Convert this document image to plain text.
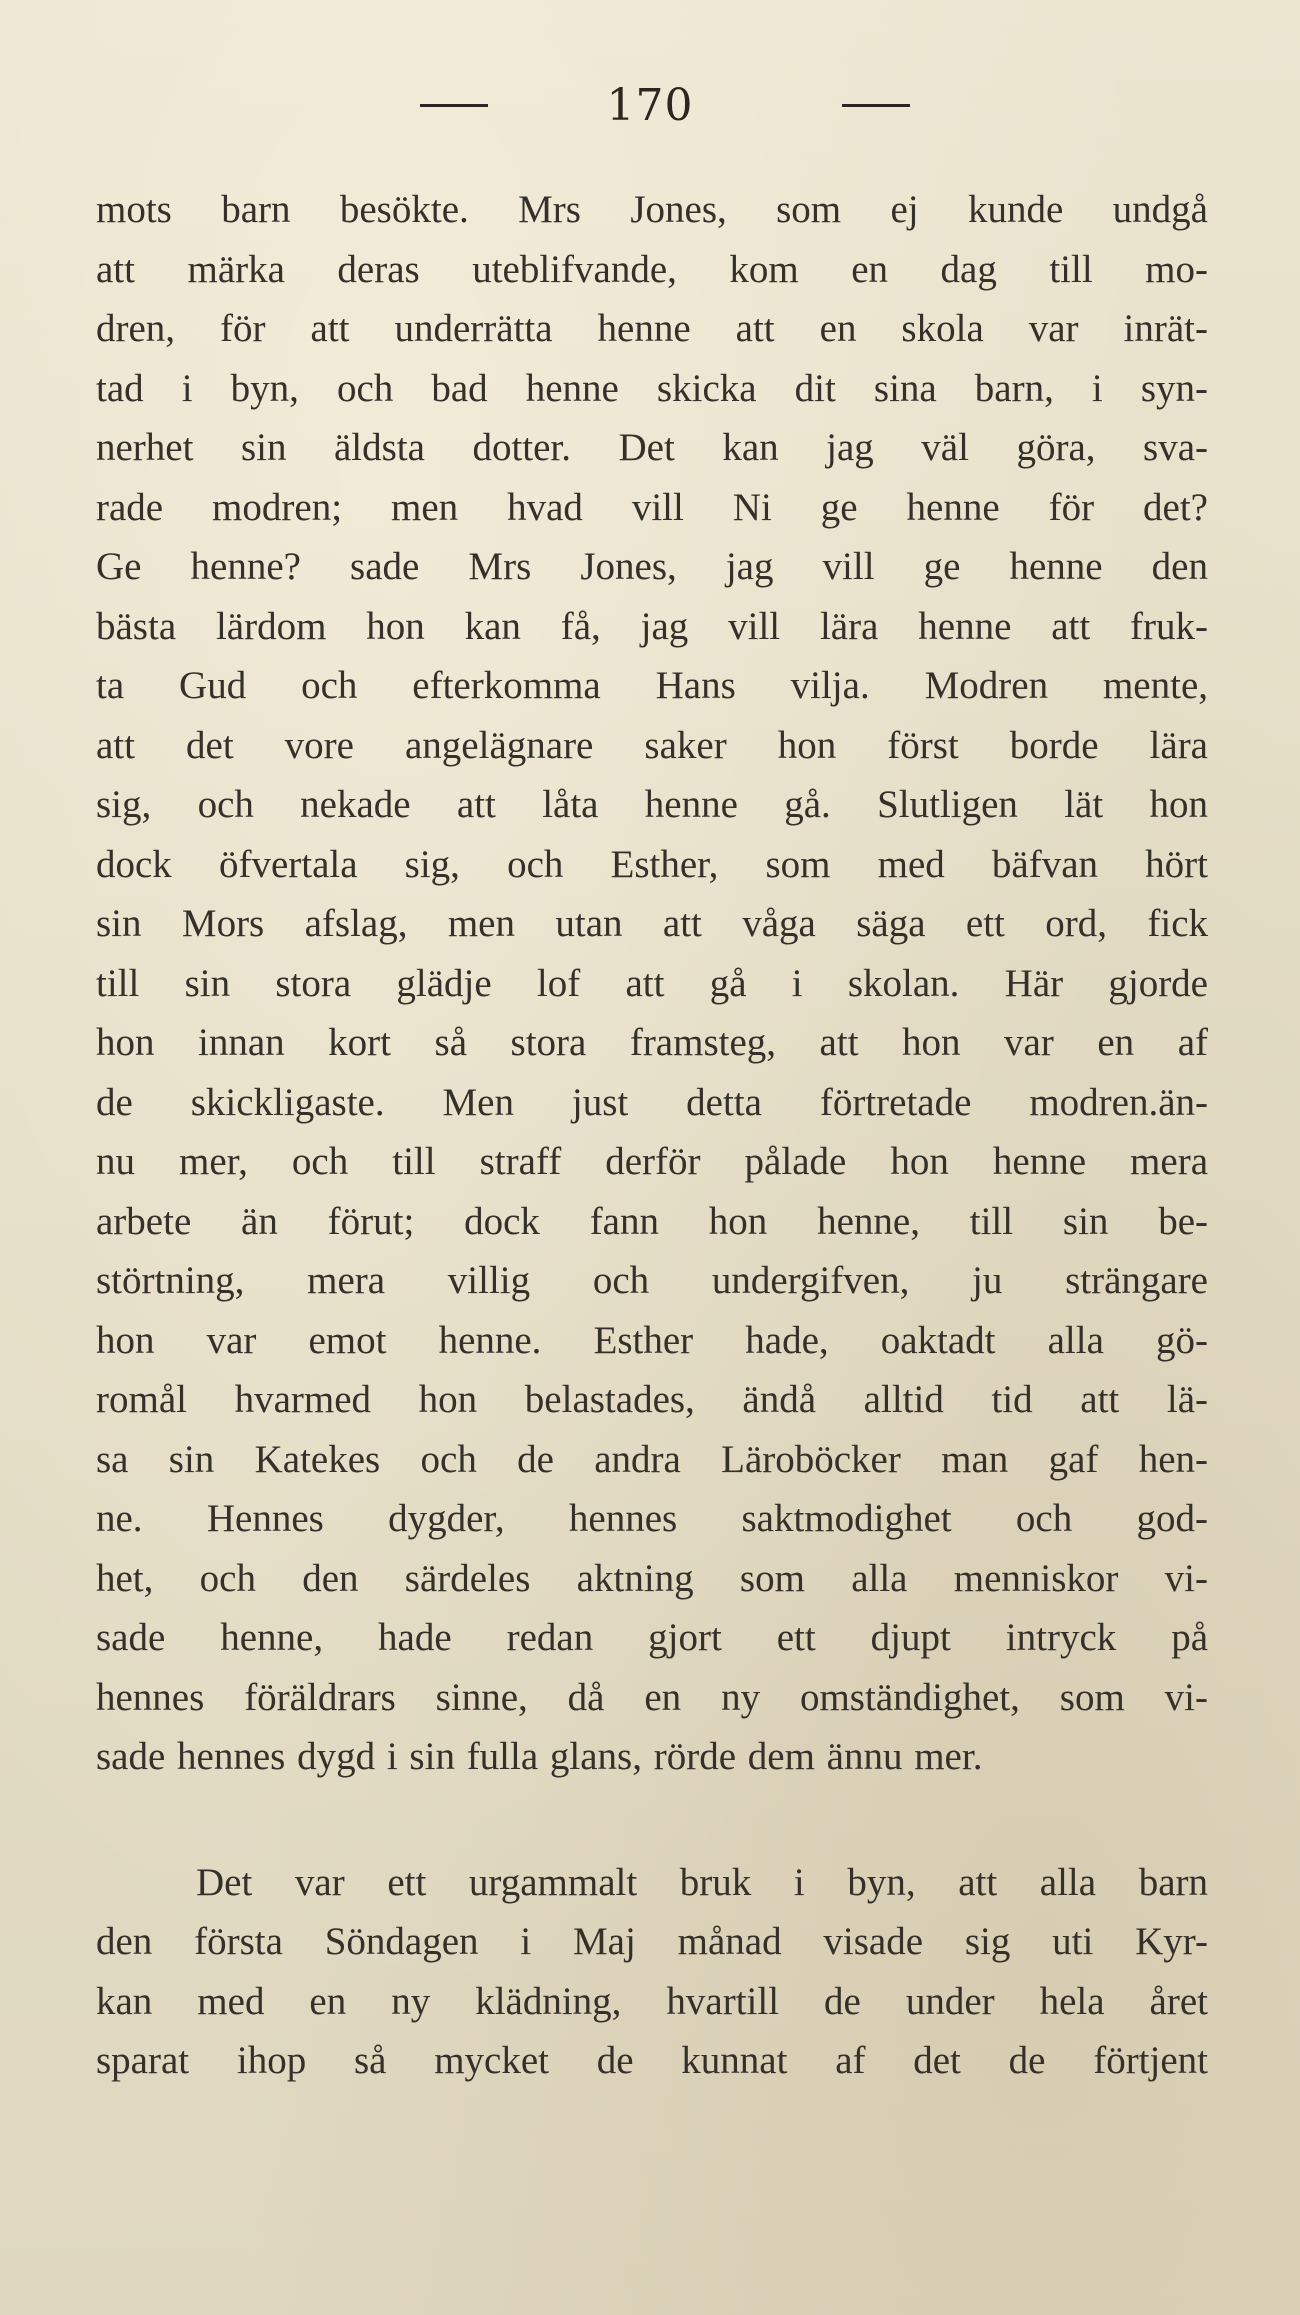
170
mots barn besökte. Mrs Jones, som ej kunde undgå
att märka deras uteblifvande, kom en dag till mo-
dren, för att underrätta henne att en skola var inrät-
tad i byn, och bad henne skicka dit sina barn, i syn-
nerhet sin äldsta dotter. Det kan jag väl göra, sva-
rade modren; men hvad vill Ni ge henne för det?
Ge henne? sade Mrs Jones, jag vill ge henne den
bästa lärdom hon kan få, jag vill lära henne att fruk-
ta Gud och efterkomma Hans vilja. Modren mente,
att det vore angelägnare saker hon först borde lära
sig, och nekade att låta henne gå. Slutligen lät hon
dock öfvertala sig, och Esther, som med bäfvan hört
sin Mors afslag, men utan att våga säga ett ord, fick
till sin stora glädje lof att gå i skolan. Här gjorde
hon innan kort så stora framsteg, att hon var en af
de skickligaste. Men just detta förtretade modren.än-
nu mer, och till straff derför pålade hon henne mera
arbete än förut; dock fann hon henne, till sin be-
störtning, mera villig och undergifven, ju strängare
hon var emot henne. Esther hade, oaktadt alla gö-
romål hvarmed hon belastades, ändå alltid tid att lä-
sa sin Katekes och de andra Läroböcker man gaf hen-
ne. Hennes dygder, hennes saktmodighet och god-
het, och den särdeles aktning som alla menniskor vi-
sade henne, hade redan gjort ett djupt intryck på
hennes föräldrars sinne, då en ny omständighet, som vi-
sade hennes dygd i sin fulla glans, rörde dem ännu mer.
Det var ett urgammalt bruk i byn, att alla barn
den första Söndagen i Maj månad visade sig uti Kyr-
kan med en ny klädning, hvartill de under hela året
sparat ihop så mycket de kunnat af det de förtjent
